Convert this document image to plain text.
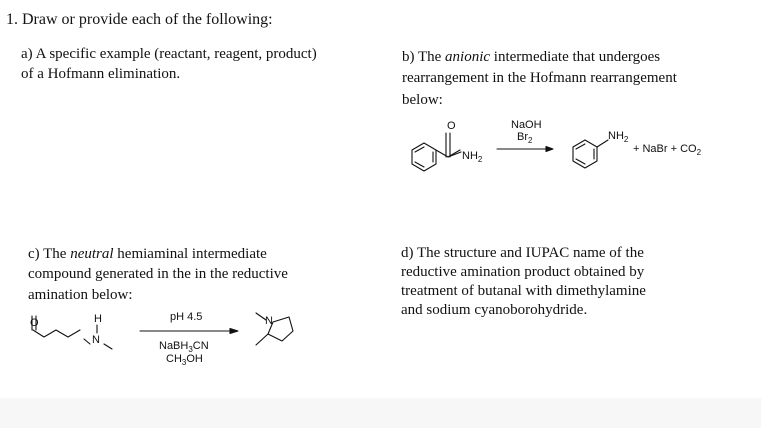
1. Draw or provide each of the following:
a) A specific example (reactant, reagent, product)
of a Hofmann elimination.
b) The anionic intermediate that undergoes
rearrangement in the Hofmann rearrangement
below:
O
$NH_2$
NaOH
$Br_2$	$NH_2$
+ NaBr + $CO_2$
c) The neutral hemiaminal intermediate
compound generated in the in the reductive
amination below:
O	H
N
pH 4.5
NaBH$_3$CN
$CH_3OH$
N
d) The structure and IUPAC name of the
reductive amination product obtained by
treatment of butanal with dimethylamine
and sodium cyanoborohydride.
